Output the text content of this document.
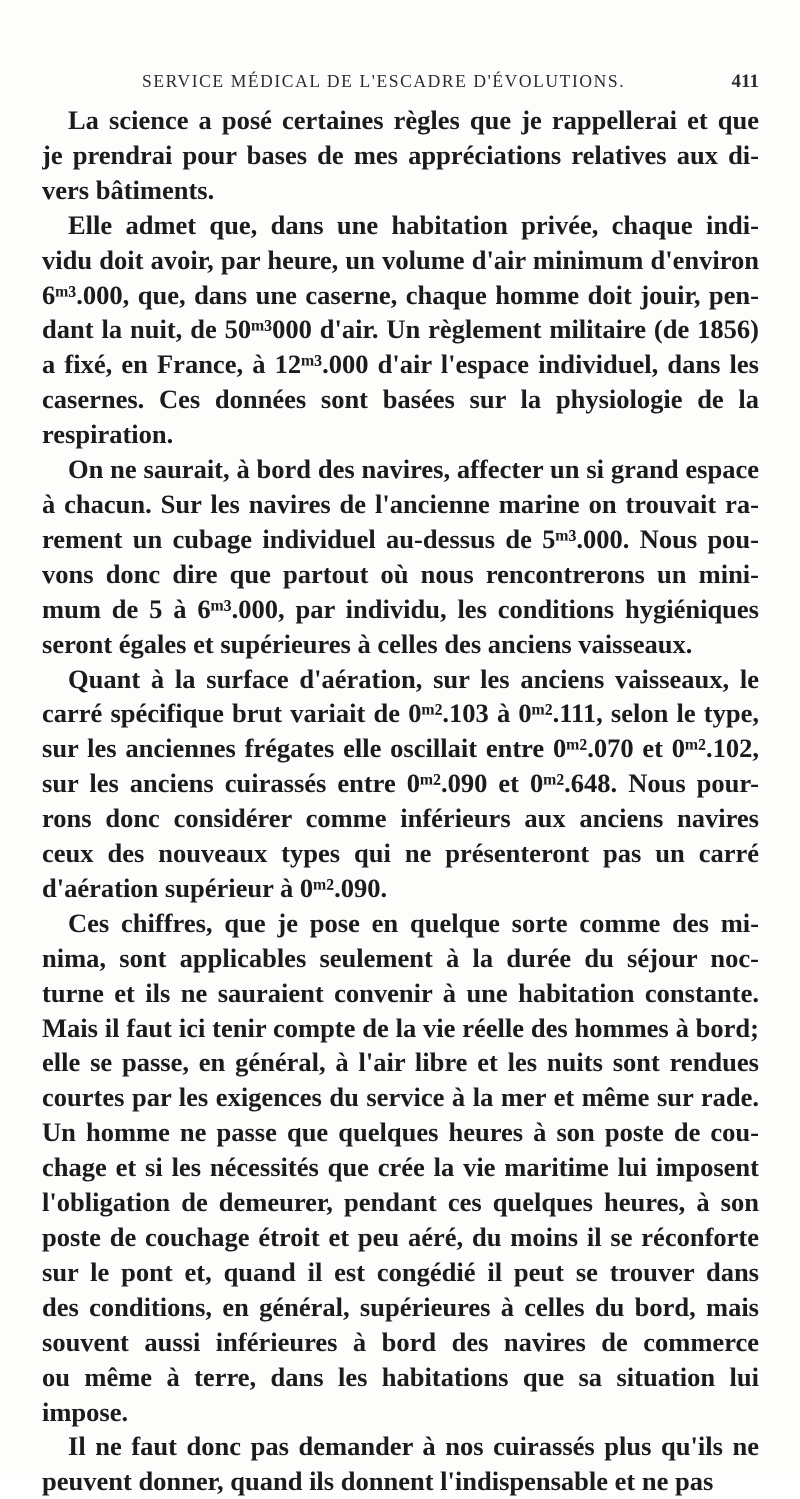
SERVICE MÉDICAL DE L'ESCADRE D'ÉVOLUTIONS.	411

La science a posé certaines règles que je rappellerai et que
je prendrai pour bases de mes appréciations relatives aux di-
vers bâtiments.

Elle admet que, dans une habitation privée, chaque indi-
vidu doit avoir, par heure, un volume d'air minimum d'environ
6ᵐ³.000, que, dans une caserne, chaque homme doit jouir, pen-
dant la nuit, de 50ᵐ³000 d'air. Un règlement militaire (de 1856)
a fixé, en France, à 12ᵐ³.000 d'air l'espace individuel, dans les
casernes. Ces données sont basées sur la physiologie de la
respiration.

On ne saurait, à bord des navires, affecter un si grand espace
à chacun. Sur les navires de l'ancienne marine on trouvait ra-
rement un cubage individuel au-dessus de 5ᵐ³.000. Nous pou-
vons donc dire que partout où nous rencontrerons un mini-
mum de 5 à 6ᵐ³.000, par individu, les conditions hygiéniques
seront égales et supérieures à celles des anciens vaisseaux.

Quant à la surface d'aération, sur les anciens vaisseaux, le
carré spécifique brut variait de 0ᵐ².103 à 0ᵐ².111, selon le type,
sur les anciennes frégates elle oscillait entre 0ᵐ².070 et 0ᵐ².102,
sur les anciens cuirassés entre 0ᵐ².090 et 0ᵐ².648. Nous pour-
rons donc considérer comme inférieurs aux anciens navires
ceux des nouveaux types qui ne présenteront pas un carré
d'aération supérieur à 0ᵐ².090.

Ces chiffres, que je pose en quelque sorte comme des mi-
nima, sont applicables seulement à la durée du séjour noc-
turne et ils ne sauraient convenir à une habitation constante.
Mais il faut ici tenir compte de la vie réelle des hommes à bord;
elle se passe, en général, à l'air libre et les nuits sont rendues
courtes par les exigences du service à la mer et même sur rade.
Un homme ne passe que quelques heures à son poste de cou-
chage et si les nécessités que crée la vie maritime lui imposent
l'obligation de demeurer, pendant ces quelques heures, à son
poste de couchage étroit et peu aéré, du moins il se réconforte
sur le pont et, quand il est congédié il peut se trouver dans
des conditions, en général, supérieures à celles du bord, mais
souvent aussi inférieures à bord des navires de commerce
ou même à terre, dans les habitations que sa situation lui
impose.

Il ne faut donc pas demander à nos cuirassés plus qu'ils ne
peuvent donner, quand ils donnent l'indispensable et ne pas
